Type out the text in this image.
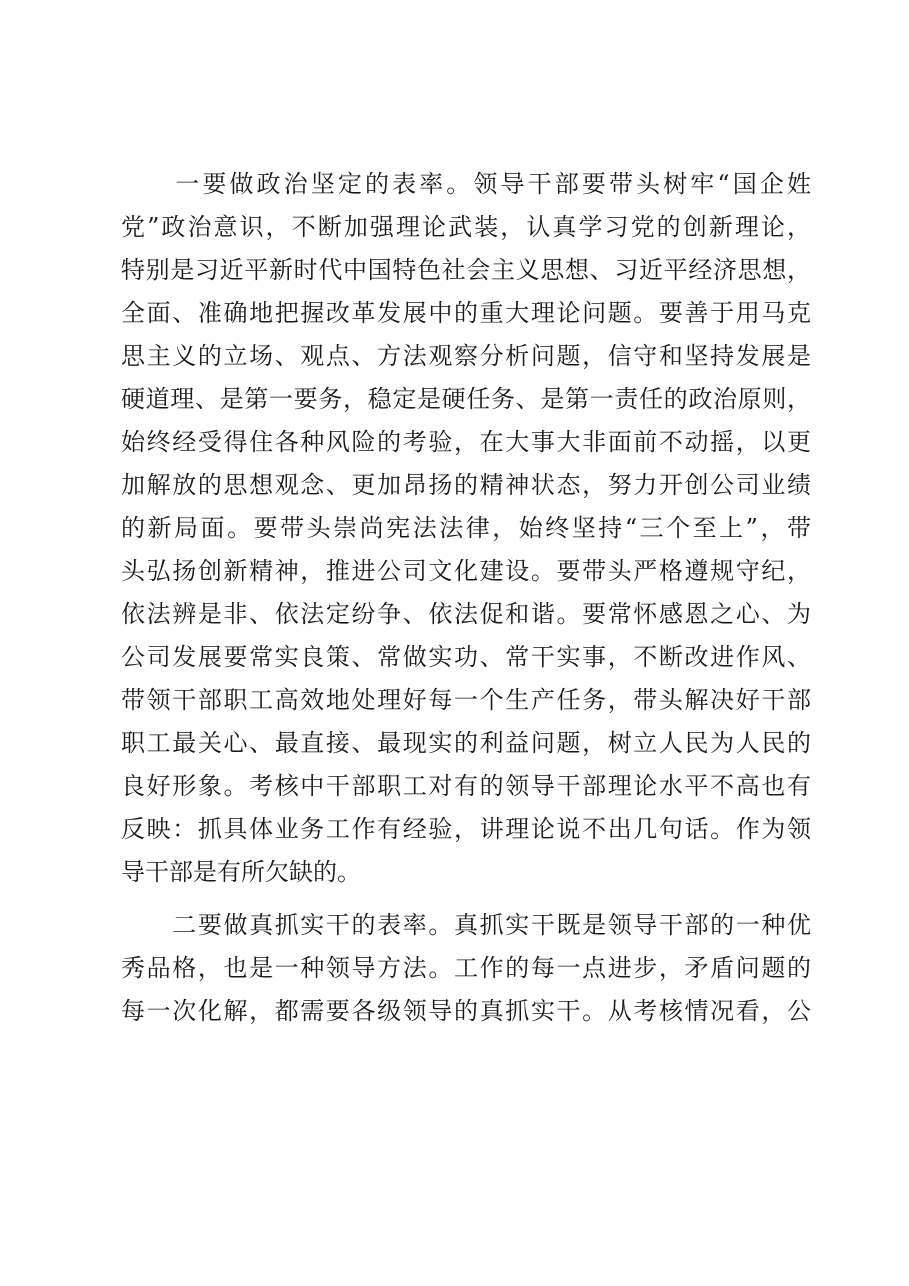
　　一要做政治坚定的表率。领导干部要带头树牢“国企姓
党”政治意识，不断加强理论武装，认真学习党的创新理论，
特别是习近平新时代中国特色社会主义思想、习近平经济思想，
全面、准确地把握改革发展中的重大理论问题。要善于用马克
思主义的立场、观点、方法观察分析问题，信守和坚持发展是
硬道理、是第一要务，稳定是硬任务、是第一责任的政治原则，
始终经受得住各种风险的考验，在大事大非面前不动摇，以更
加解放的思想观念、更加昂扬的精神状态，努力开创公司业绩
的新局面。要带头崇尚宪法法律，始终坚持“三个至上”，带
头弘扬创新精神，推进公司文化建设。要带头严格遵规守纪，
依法辨是非、依法定纷争、依法促和谐。要常怀感恩之心、为
公司发展要常实良策、常做实功、常干实事，不断改进作风、
带领干部职工高效地处理好每一个生产任务，带头解决好干部
职工最关心、最直接、最现实的利益问题，树立人民为人民的
良好形象。考核中干部职工对有的领导干部理论水平不高也有
反映：抓具体业务工作有经验，讲理论说不出几句话。作为领
导干部是有所欠缺的。
　　二要做真抓实干的表率。真抓实干既是领导干部的一种优
秀品格，也是一种领导方法。工作的每一点进步，矛盾问题的
每一次化解，都需要各级领导的真抓实干。从考核情况看，公
